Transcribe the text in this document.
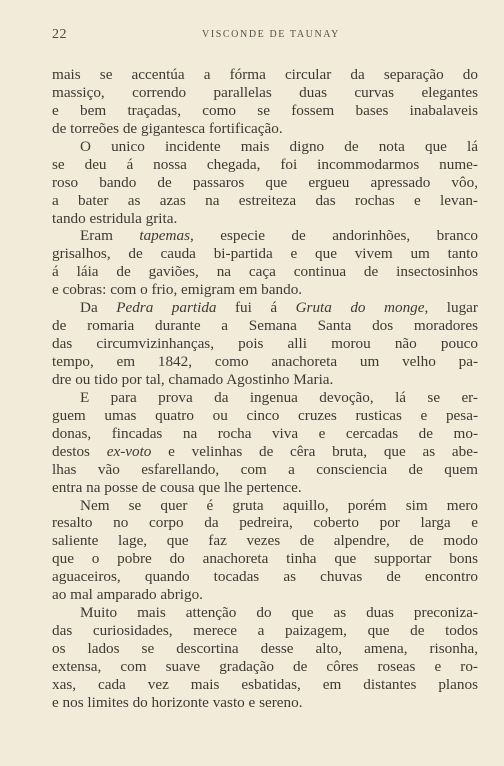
22	VISCONDE DE TAUNAY
mais se accentúa a fórma circular da separação do
massiço, correndo parallelas duas curvas elegantes
e bem traçadas, como se fossem bases inabalaveis
de torreões de gigantesca fortificação.
O unico incidente mais digno de nota que lá
se deu á nossa chegada, foi incommodarmos nume-
roso bando de passaros que ergueu apressado vôo,
a bater as azas na estreiteza das rochas e levan-
tando estridula grita.
Eram tapemas, especie de andorinhões, branco
grisalhos, de cauda bi-partida e que vivem um tanto
á láia de gaviões, na caça continua de insectosinhos
e cobras: com o frio, emigram em bando.
Da Pedra partida fui á Gruta do monge, lugar
de romaria durante a Semana Santa dos moradores
das circumvizinhanças, pois alli morou não pouco
tempo, em 1842, como anachoreta um velho pa-
dre ou tido por tal, chamado Agostinho Maria.
E para prova da ingenua devoção, lá se er-
guem umas quatro ou cinco cruzes rusticas e pesa-
donas, fincadas na rocha viva e cercadas de mo-
destos ex-voto e velinhas de cêra bruta, que as abe-
lhas vão esfarellando, com a consciencia de quem
entra na posse de cousa que lhe pertence.
Nem se quer é gruta aquillo, porém sim mero
resalto no corpo da pedreira, coberto por larga e
saliente lage, que faz vezes de alpendre, de modo
que o pobre do anachoreta tinha que supportar bons
aguaceiros, quando tocadas as chuvas de encontro
ao mal amparado abrigo.
Muito mais attenção do que as duas preconiza-
das curiosidades, merece a paizagem, que de todos
os lados se descortina desse alto, amena, risonha,
extensa, com suave gradação de côres roseas e ro-
xas, cada vez mais esbatidas, em distantes planos
e nos limites do horizonte vasto e sereno.
